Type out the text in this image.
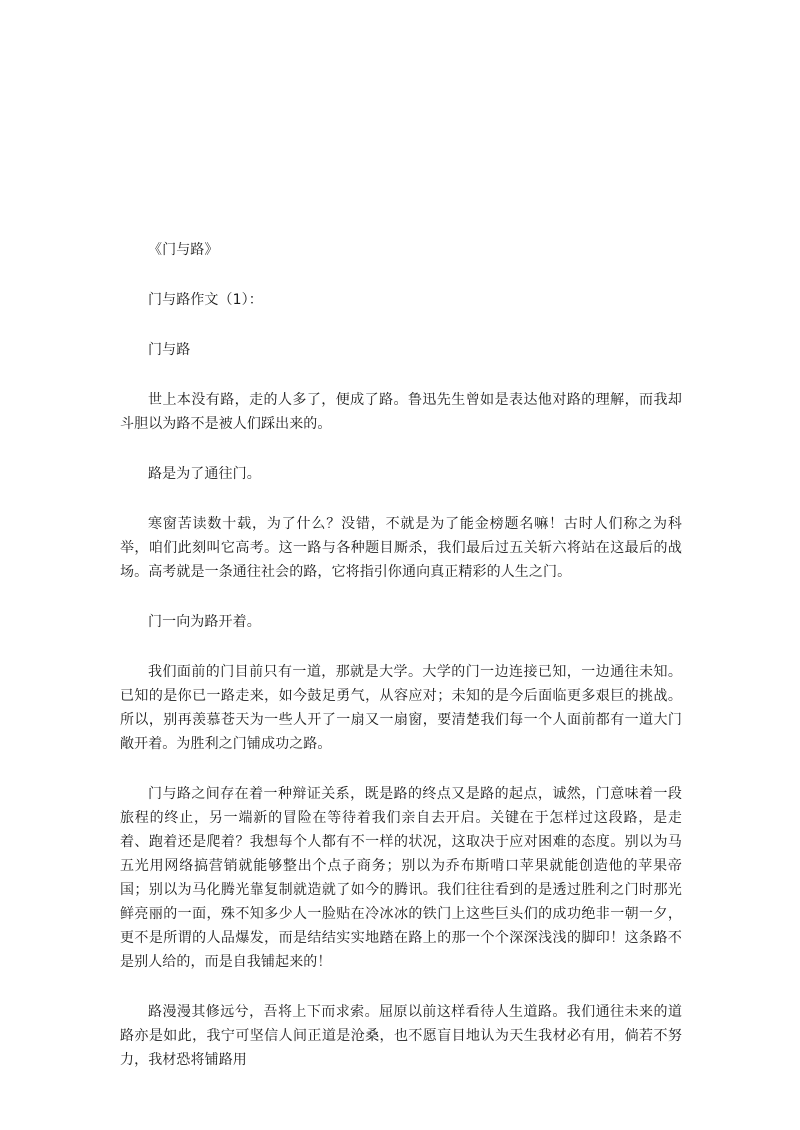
《门与路》

门与路作文（1）：

门与路

世上本没有路，走的人多了，便成了路。鲁迅先生曾如是表达他对路的理解，而我却斗胆以为路不是被人们踩出来的。

路是为了通往门。

寒窗苦读数十载，为了什么？没错，不就是为了能金榜题名嘛！古时人们称之为科举，咱们此刻叫它高考。这一路与各种题目厮杀，我们最后过五关斩六将站在这最后的战场。高考就是一条通往社会的路，它将指引你通向真正精彩的人生之门。

门一向为路开着。

我们面前的门目前只有一道，那就是大学。大学的门一边连接已知，一边通往未知。已知的是你已一路走来，如今鼓足勇气，从容应对；未知的是今后面临更多艰巨的挑战。所以，别再羡慕苍天为一些人开了一扇又一扇窗，要清楚我们每一个人面前都有一道大门敞开着。为胜利之门铺成功之路。

门与路之间存在着一种辩证关系，既是路的终点又是路的起点，诚然，门意味着一段旅程的终止，另一端新的冒险在等待着我们亲自去开启。关键在于怎样过这段路，是走着、跑着还是爬着？我想每个人都有不一样的状况，这取决于应对困难的态度。别以为马五光用网络搞营销就能够整出个点子商务；别以为乔布斯啃口苹果就能创造他的苹果帝国；别以为马化腾光靠复制就造就了如今的腾讯。我们往往看到的是透过胜利之门时那光鲜亮丽的一面，殊不知多少人一脸贴在冷冰冰的铁门上这些巨头们的成功绝非一朝一夕，更不是所谓的人品爆发，而是结结实实地踏在路上的那一个个深深浅浅的脚印！这条路不是别人给的，而是自我铺起来的！

路漫漫其修远兮，吾将上下而求索。屈原以前这样看待人生道路。我们通往未来的道路亦是如此，我宁可坚信人间正道是沧桑，也不愿盲目地认为天生我材必有用，倘若不努力，我材恐将铺路用
